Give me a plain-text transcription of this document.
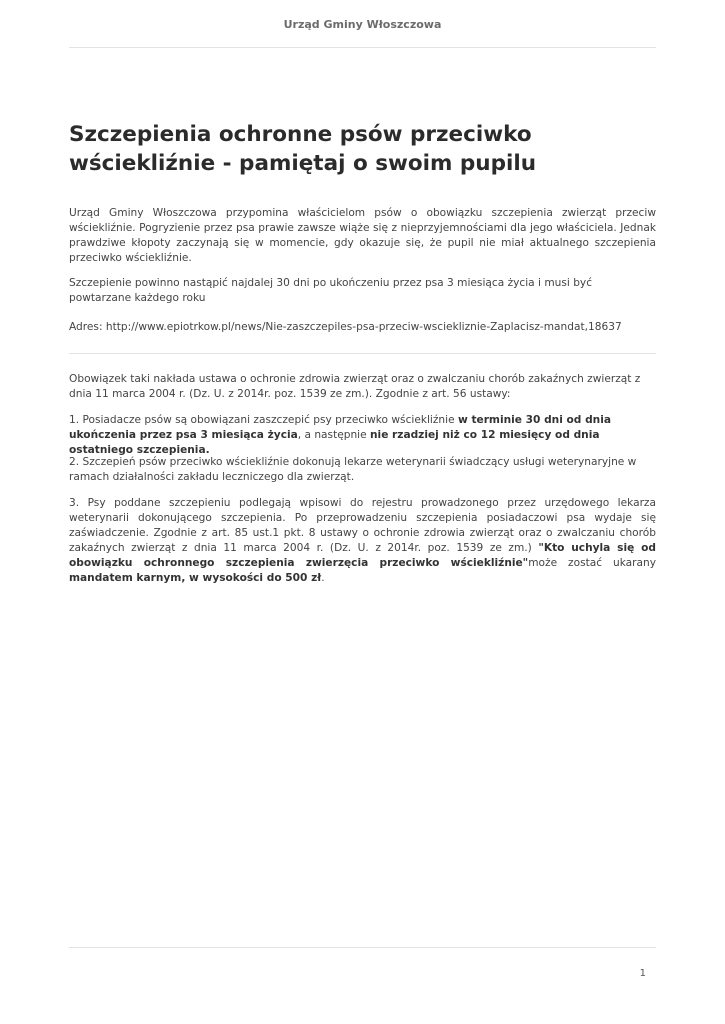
Urząd Gminy Włoszczowa
Szczepienia ochronne psów przeciwko wściekliźnie - pamiętaj o swoim pupilu

Urząd Gminy Włoszczowa przypomina właścicielom psów o obowiązku szczepienia zwierząt przeciw wściekliźnie. Pogryzienie przez psa prawie zawsze wiąże się z nieprzyjemnościami dla jego właściciela. Jednak prawdziwe kłopoty zaczynają się w momencie, gdy okazuje się, że pupil nie miał aktualnego szczepienia przeciwko wściekliźnie.

Szczepienie powinno nastąpić najdalej 30 dni po ukończeniu przez psa 3 miesiąca życia i musi być powtarzane każdego roku

Adres: http://www.epiotrkow.pl/news/Nie-zaszczepiles-psa-przeciw-wsciekliznie-Zaplacisz-mandat,18637

Obowiązek taki nakłada ustawa o ochronie zdrowia zwierząt oraz o zwalczaniu chorób zakaźnych zwierząt z dnia 11 marca 2004 r. (Dz. U. z 2014r. poz. 1539 ze zm.). Zgodnie z art. 56 ustawy:

1. Posiadacze psów są obowiązani zaszczepić psy przeciwko wściekliźnie w terminie 30 dni od dnia ukończenia przez psa 3 miesiąca życia, a następnie nie rzadziej niż co 12 miesięcy od dnia ostatniego szczepienia.

2. Szczepień psów przeciwko wściekliźnie dokonują lekarze weterynarii świadczący usługi weterynaryjne w ramach działalności zakładu leczniczego dla zwierząt.

3. Psy poddane szczepieniu podlegają wpisowi do rejestru prowadzonego przez urzędowego lekarza weterynarii dokonującego szczepienia. Po przeprowadzeniu szczepienia posiadaczowi psa wydaje się zaświadczenie. Zgodnie z art. 85 ust.1 pkt. 8 ustawy o ochronie zdrowia zwierząt oraz o zwalczaniu chorób zakaźnych zwierząt z dnia 11 marca 2004 r. (Dz. U. z 2014r. poz. 1539 ze zm.) "Kto uchyla się od obowiązku ochronnego szczepienia zwierzęcia przeciwko wściekliźnie"może zostać ukarany mandatem karnym, w wysokości do 500 zł.

1
